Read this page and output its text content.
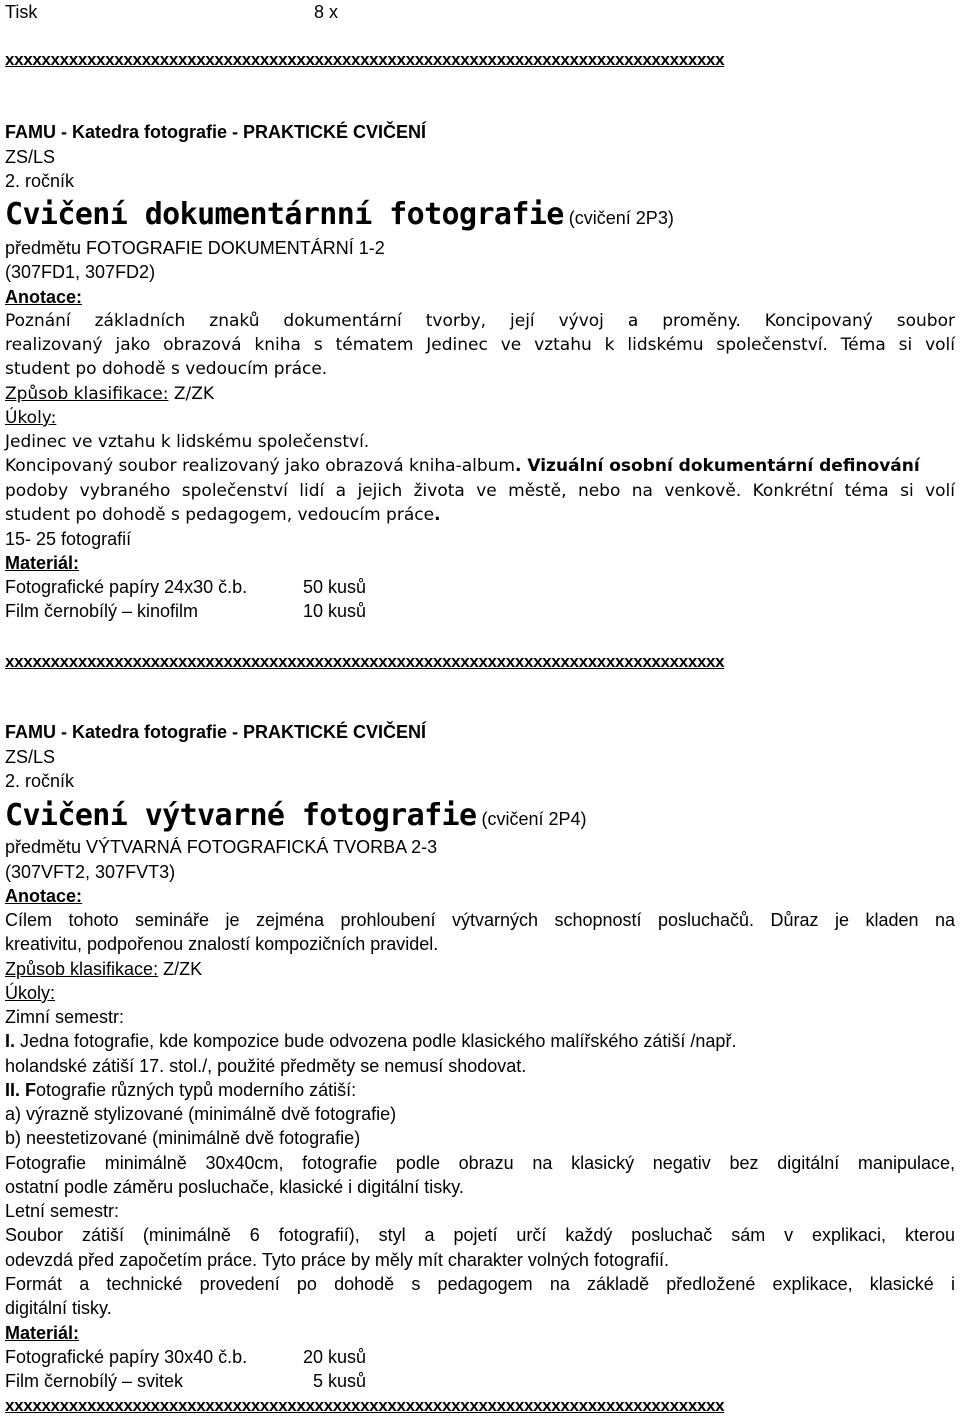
Tisk	8 x
xxxxxxxxxxxxxxxxxxxxxxxxxxxxxxxxxxxxxxxxxxxxxxxxxxxxxxxxxxxxxxxxxxxxxxxxxxxxxxx
FAMU - Katedra fotografie - PRAKTICKÉ CVIČENÍ
ZS/LS
2. ročník
Cvičení dokumentárnní fotografie (cvičení 2P3)
předmětu FOTOGRAFIE DOKUMENTÁRNÍ 1-2
(307FD1, 307FD2)
Anotace:
Poznání základních znaků dokumentární tvorby, její vývoj a proměny. Koncipovaný soubor
realizovaný jako obrazová kniha s tématem Jedinec ve vztahu k lidskému společenství. Téma si volí
student po dohodě s vedoucím práce.
Způsob klasifikace: Z/ZK
Úkoly:
Jedinec ve vztahu k lidskému společenství.
Koncipovaný soubor realizovaný jako obrazová kniha-album. Vizuální osobní dokumentární definování
podoby vybraného společenství lidí a jejich života ve městě, nebo na venkově. Konkrétní téma si volí
student po dohodě s pedagogem, vedoucím práce.
15- 25 fotografií
Materiál:
Fotografické papíry 24x30 č.b.	50 kusů
Film černobílý – kinofilm	10 kusů
xxxxxxxxxxxxxxxxxxxxxxxxxxxxxxxxxxxxxxxxxxxxxxxxxxxxxxxxxxxxxxxxxxxxxxxxxxxxxxx
FAMU - Katedra fotografie - PRAKTICKÉ CVIČENÍ
ZS/LS
2. ročník
Cvičení výtvarné fotografie (cvičení 2P4)
předmětu VÝTVARNÁ FOTOGRAFICKÁ TVORBA 2-3
(307VFT2, 307FVT3)
Anotace:
Cílem tohoto semináře je zejména prohloubení výtvarných schopností posluchačů. Důraz je kladen na
kreativitu, podpořenou znalostí kompozičních pravidel.
Způsob klasifikace: Z/ZK
Úkoly:
Zimní semestr:
I. Jedna fotografie, kde kompozice bude odvozena podle klasického malířského zátiší /např.
holandské zátiší 17. stol./, použité předměty se nemusí shodovat.
II. Fotografie různých typů moderního zátiší:
a) výrazně stylizované (minimálně dvě fotografie)
b) neestetizované (minimálně dvě fotografie)
Fotografie minimálně 30x40cm, fotografie podle obrazu na klasický negativ bez digitální manipulace,
ostatní podle záměru posluchače, klasické i digitální tisky.
Letní semestr:
Soubor zátiší (minimálně 6 fotografií), styl a pojetí určí každý posluchač sám v explikaci, kterou
odevzdá před započetím práce. Tyto práce by měly mít charakter volných fotografií.
Formát a technické provedení po dohodě s pedagogem na základě předložené explikace, klasické i
digitální tisky.
Materiál:
Fotografické papíry 30x40 č.b.	20 kusů
Film černobílý – svitek	5 kusů
xxxxxxxxxxxxxxxxxxxxxxxxxxxxxxxxxxxxxxxxxxxxxxxxxxxxxxxxxxxxxxxxxxxxxxxxxxxxxxx
